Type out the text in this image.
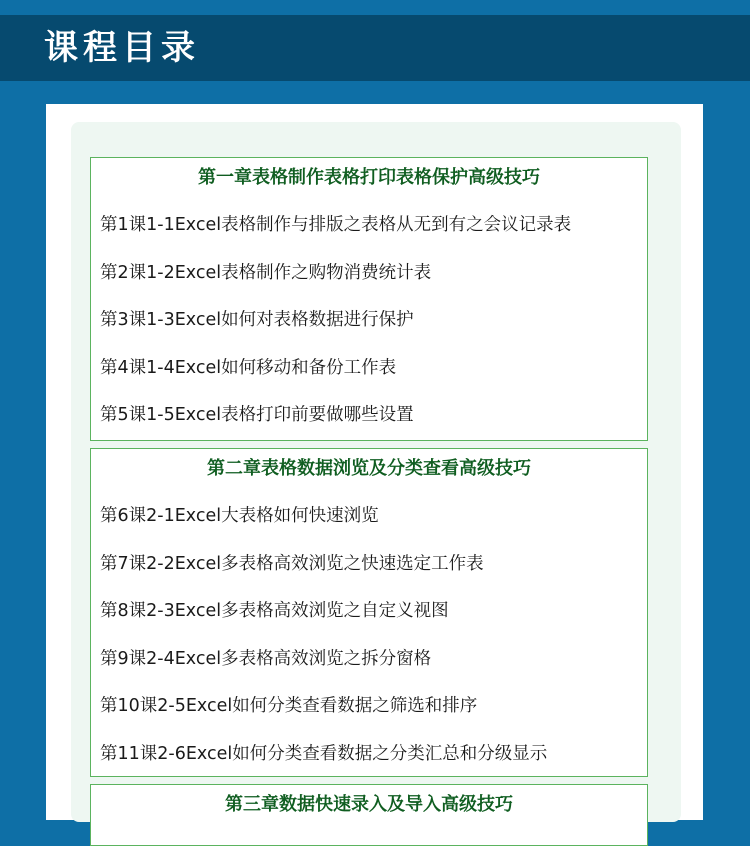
课程目录
第一章表格制作表格打印表格保护高级技巧
第1课1-1Excel表格制作与排版之表格从无到有之会议记录表
第2课1-2Excel表格制作之购物消费统计表
第3课1-3Excel如何对表格数据进行保护
第4课1-4Excel如何移动和备份工作表
第5课1-5Excel表格打印前要做哪些设置
第二章表格数据浏览及分类查看高级技巧
第6课2-1Excel大表格如何快速浏览
第7课2-2Excel多表格高效浏览之快速选定工作表
第8课2-3Excel多表格高效浏览之自定义视图
第9课2-4Excel多表格高效浏览之拆分窗格
第10课2-5Excel如何分类查看数据之筛选和排序
第11课2-6Excel如何分类查看数据之分类汇总和分级显示
第三章数据快速录入及导入高级技巧
